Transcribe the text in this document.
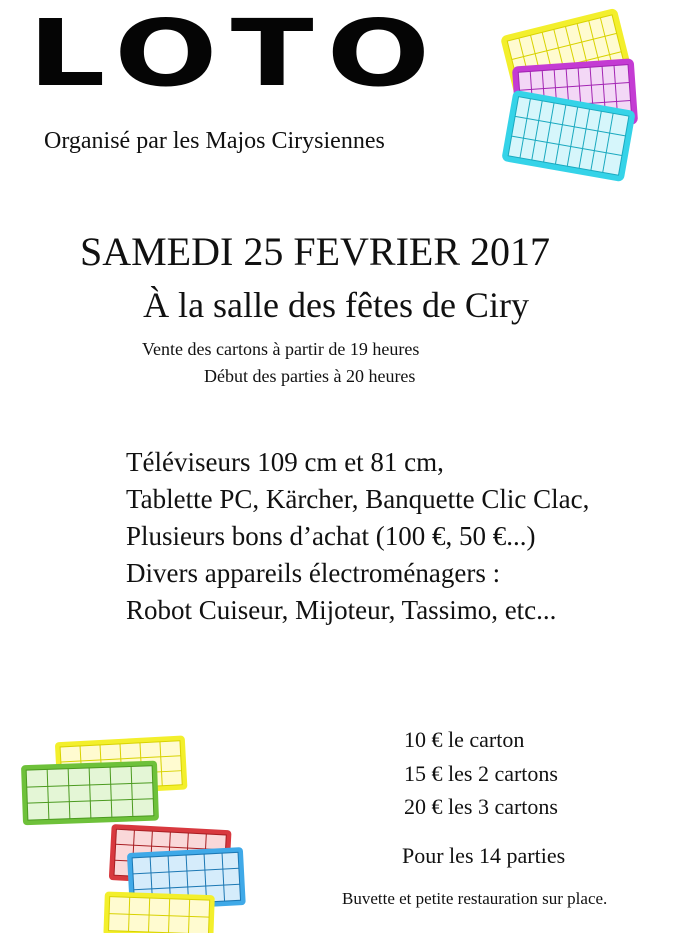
LOTO
Organisé par les Majos Cirysiennes
SAMEDI 25 FEVRIER 2017
À la salle des fêtes de Ciry
Vente des cartons à partir de 19 heures
Début des parties à 20 heures
Téléviseurs 109 cm et 81 cm,
Tablette PC, Kärcher, Banquette Clic Clac,
Plusieurs bons d’achat (100 €, 50 €...)
Divers appareils électroménagers :
Robot Cuiseur, Mijoteur, Tassimo, etc...
10 € le carton
15 € les 2 cartons
20 € les 3 cartons
Pour les 14 parties
Buvette et petite restauration sur place.
